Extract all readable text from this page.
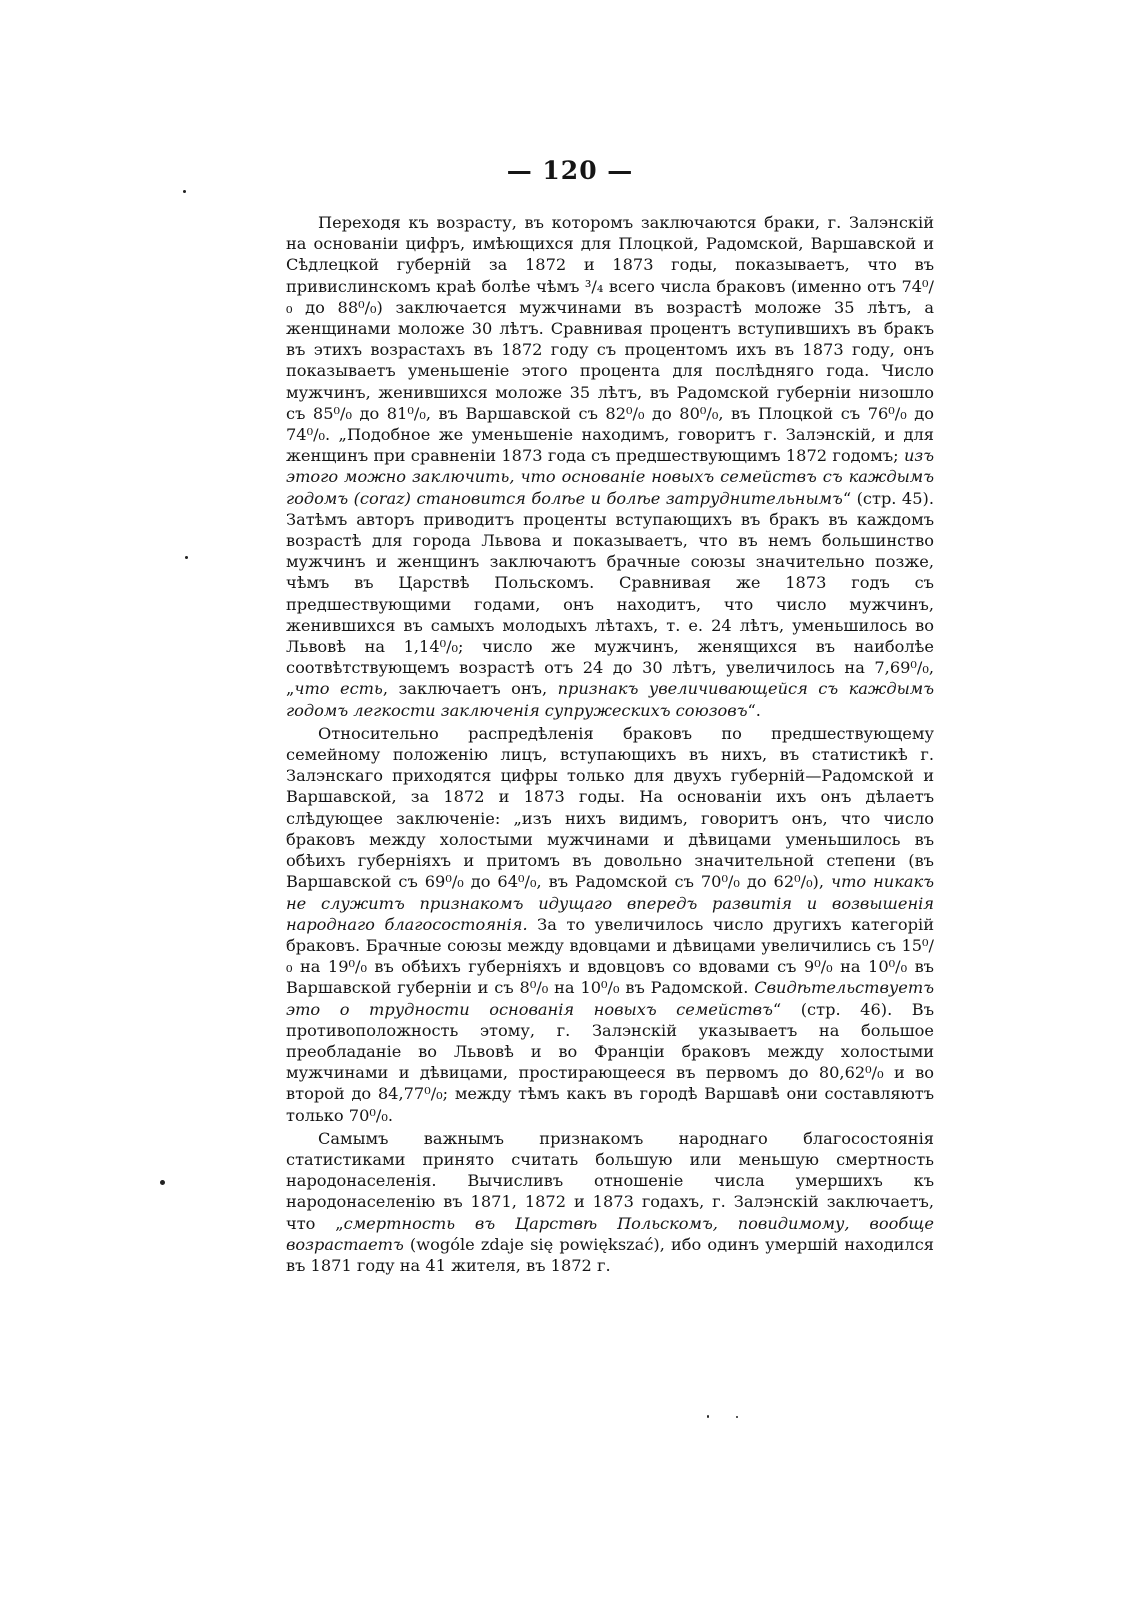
— 120 —

Переходя къ возрасту, въ которомъ заключаются браки, г. Залэнскій на основаніи цифръ, имѣющихся для Плоцкой, Радомской, Варшавской и Сѣдлецкой губерній за 1872 и 1873 годы, показываетъ, что въ привислинскомъ краѣ болѣе чѣмъ ³/₄ всего числа браковъ (именно отъ 74⁰/₀ до 88⁰/₀) заключается мужчинами въ возрастѣ моложе 35 лѣтъ, а женщинами моложе 30 лѣтъ. Сравнивая процентъ вступившихъ въ бракъ въ этихъ возрастахъ въ 1872 году съ процентомъ ихъ въ 1873 году, онъ показываетъ уменьшеніе этого процента для послѣдняго года. Число мужчинъ, женившихся моложе 35 лѣтъ, въ Радомской губерніи низошло съ 85⁰/₀ до 81⁰/₀, въ Варшавской съ 82⁰/₀ до 80⁰/₀, въ Плоцкой съ 76⁰/₀ до 74⁰/₀. „Подобное же уменьшеніе находимъ, говоритъ г. Залэнскій, и для женщинъ при сравненіи 1873 года съ предшествующимъ 1872 годомъ; изъ этого можно заключить, что основаніе новыхъ семействъ съ каждымъ годомъ (coraz) становится болѣе и болѣе затруднительнымъ“ (стр. 45). Затѣмъ авторъ приводитъ проценты вступающихъ въ бракъ въ каждомъ возрастѣ для города Львова и показываетъ, что въ немъ большинство мужчинъ и женщинъ заключаютъ брачные союзы значительно позже, чѣмъ въ Царствѣ Польскомъ. Сравнивая же 1873 годъ съ предшествующими годами, онъ находитъ, что число мужчинъ, женившихся въ самыхъ молодыхъ лѣтахъ, т. е. 24 лѣтъ, уменьшилось во Львовѣ на 1,14⁰/₀; число же мужчинъ, женящихся въ наиболѣе соотвѣтствующемъ возрастѣ отъ 24 до 30 лѣтъ, увеличилось на 7,69⁰/₀, „что есть, заключаетъ онъ, признакъ увеличивающейся съ каждымъ годомъ легкости заключенія супружескихъ союзовъ“.

Относительно распредѣленія браковъ по предшествующему семейному положенію лицъ, вступающихъ въ нихъ, въ статистикѣ г. Залэнскаго приходятся цифры только для двухъ губерній—Радомской и Варшавской, за 1872 и 1873 годы. На основаніи ихъ онъ дѣлаетъ слѣдующее заключеніе: „изъ нихъ видимъ, говоритъ онъ, что число браковъ между холостыми мужчинами и дѣвицами уменьшилось въ обѣихъ губерніяхъ и притомъ въ довольно значительной степени (въ Варшавской съ 69⁰/₀ до 64⁰/₀, въ Радомской съ 70⁰/₀ до 62⁰/₀), что никакъ не служитъ признакомъ идущаго впередъ развитія и возвышенія народнаго благосостоянія. За то увеличилось число другихъ категорій браковъ. Брачные союзы между вдовцами и дѣвицами увеличились съ 15⁰/₀ на 19⁰/₀ въ обѣихъ губерніяхъ и вдовцовъ со вдовами съ 9⁰/₀ на 10⁰/₀ въ Варшавской губерніи и съ 8⁰/₀ на 10⁰/₀ въ Радомской. Свидѣтельствуетъ это о трудности основанія новыхъ семействъ“ (стр. 46). Въ противоположность этому, г. Залэнскій указываетъ на большое преобладаніе во Львовѣ и во Франціи браковъ между холостыми мужчинами и дѣвицами, простирающееся въ первомъ до 80,62⁰/₀ и во второй до 84,77⁰/₀; между тѣмъ какъ въ городѣ Варшавѣ они составляютъ только 70⁰/₀.

Самымъ важнымъ признакомъ народнаго благосостоянія статистиками принято считать большую или меньшую смертность народонаселенія. Вычисливъ отношеніе числа умершихъ къ народонаселенію въ 1871, 1872 и 1873 годахъ, г. Залэнскій заключаетъ, что „смертность въ Царствѣ Польскомъ, повидимому, вообще возрастаетъ (wogóle zdaje się powiększać), ибо одинъ умершій находился въ 1871 году на 41 жителя, въ 1872 г.
